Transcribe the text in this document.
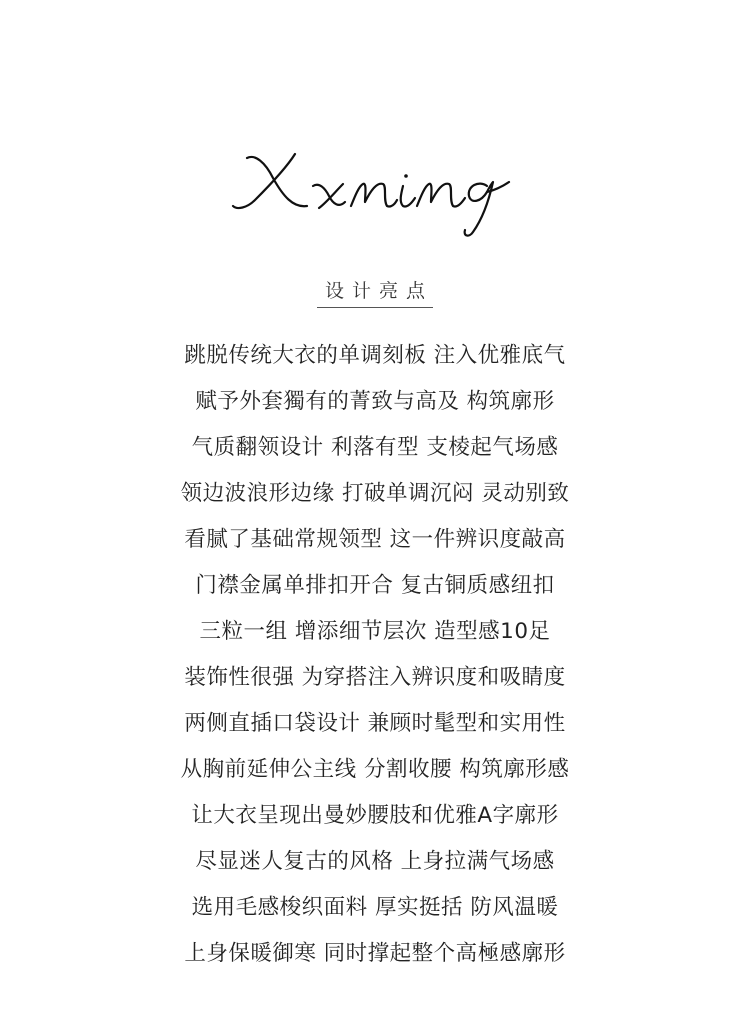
设计亮点
跳脱传统大衣的单调刻板 注入优雅底气
赋予外套獨有的菁致与高及 构筑廓形
气质翻领设计 利落有型 支棱起气场感
领边波浪形边缘 打破单调沉闷 灵动别致
看腻了基础常规领型 这一件辨识度敲高
门襟金属单排扣开合 复古铜质感纽扣
三粒一组 增添细节层次 造型感10足
装饰性很强 为穿搭注入辨识度和吸睛度
两侧直插口袋设计 兼顾时髦型和实用性
从胸前延伸公主线 分割收腰 构筑廓形感
让大衣呈现出曼妙腰肢和优雅A字廓形
尽显迷人复古的风格 上身拉满气场感
选用毛感梭织面料 厚实挺括 防风温暖
上身保暖御寒 同时撑起整个高極感廓形
